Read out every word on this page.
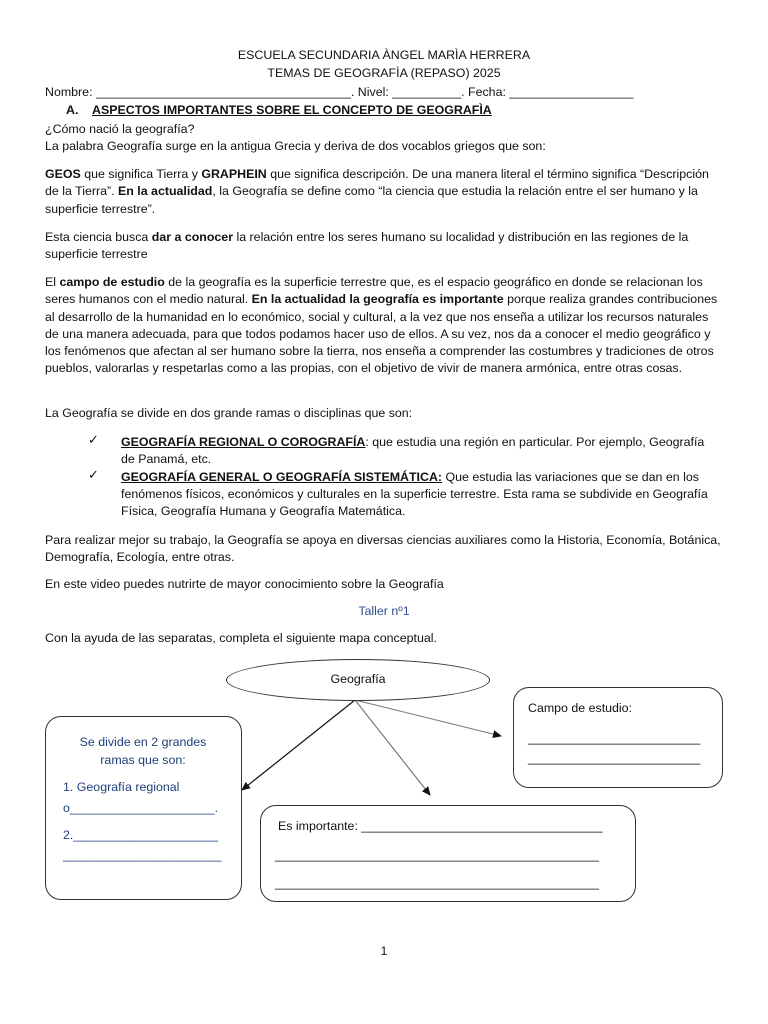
ESCUELA SECUNDARIA ÀNGEL MARÌA HERRERA
TEMAS DE GEOGRAFÌA (REPASO) 2025
Nombre: _____________________________________. Nivel: __________. Fecha: __________________
A. ASPECTOS IMPORTANTES SOBRE EL CONCEPTO DE GEOGRAFÌA
¿Cómo nació la geografía?
La palabra Geografía surge en la antigua Grecia y deriva de dos vocablos griegos que son:
GEOS que significa Tierra y GRAPHEIN que significa descripción. De una manera literal el término significa “Descripción de la Tierra”. En la actualidad, la Geografía se define como “la ciencia que estudia la relación entre el ser humano y la superficie terrestre”.
Esta ciencia busca dar a conocer la relación entre los seres humano su localidad y distribución en las regiones de la superficie terrestre
El campo de estudio de la geografía es la superficie terrestre que, es el espacio geográfico en donde se relacionan los seres humanos con el medio natural. En la actualidad la geografía es importante porque realiza grandes contribuciones al desarrollo de la humanidad en lo económico, social y cultural, a la vez que nos enseña a utilizar los recursos naturales de una manera adecuada, para que todos podamos hacer uso de ellos. A su vez, nos da a conocer el medio geográfico y los fenómenos que afectan al ser humano sobre la tierra, nos enseña a comprender las costumbres y tradiciones de otros pueblos, valorarlas y respetarlas como a las propias, con el objetivo de vivir de manera armónica, entre otras cosas.
La Geografía se divide en dos grande ramas o disciplinas que son:
✓ GEOGRAFÍA REGIONAL O COROGRAFÍA: que estudia una región en particular. Por ejemplo, Geografía de Panamá, etc.
✓ GEOGRAFÍA GENERAL O GEOGRAFÍA SISTEMÁTICA: Que estudia las variaciones que se dan en los fenómenos físicos, económicos y culturales en la superficie terrestre. Esta rama se subdivide en Geografía Física, Geografía Humana y Geografía Matemática.
Para realizar mejor su trabajo, la Geografía se apoya en diversas ciencias auxiliares como la Historia, Economía, Botánica, Demografía, Ecología, entre otras.
En este video puedes nutrirte de mayor conocimiento sobre la Geografía
Taller nº1
Con la ayuda de las separatas, completa el siguiente mapa conceptual.
Geografía
Se divide en 2 grandes ramas que son:
1. Geografía regional
o_____________________.
2._____________________
_______________________
Campo de estudio:
_________________________
_________________________
Es importante: ___________________________________
_______________________________________________
_______________________________________________
1
